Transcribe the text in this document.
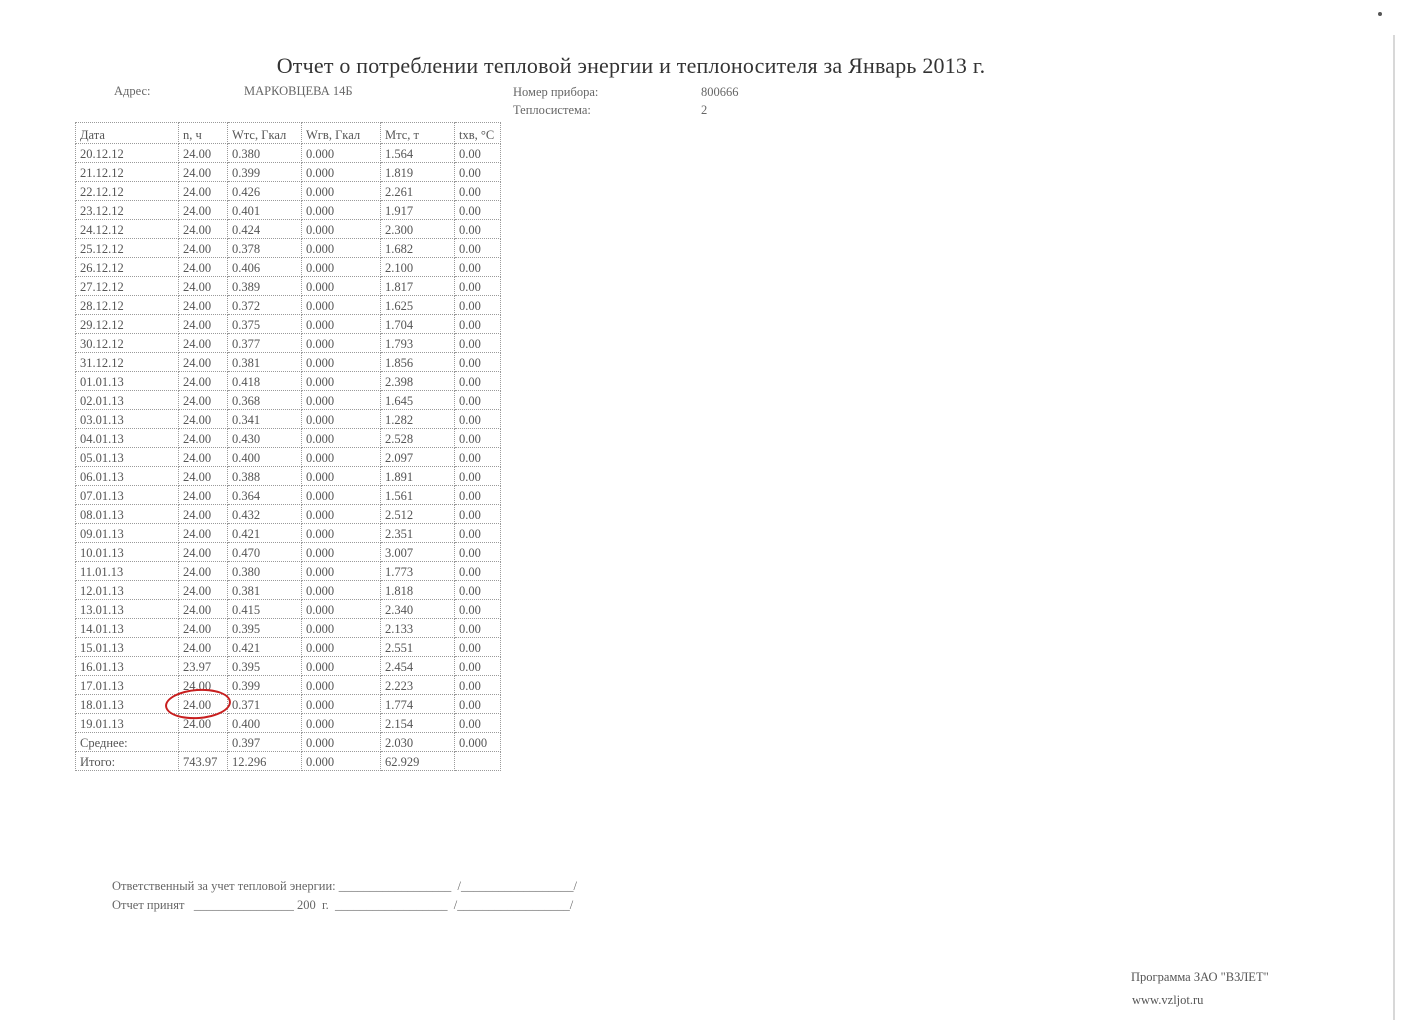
Отчет о потреблении тепловой энергии и теплоносителя за Январь 2013 г.
Адрес:	МАРКОВЦЕВА 14Б	Номер прибора:	800666
Теплосистема:	2
Дата	n, ч	Wтс, Гкал	Wгв, Гкал	Мтс, т	tхв, °C
20.12.12	24.00	0.380	0.000	1.564	0.00
21.12.12	24.00	0.399	0.000	1.819	0.00
22.12.12	24.00	0.426	0.000	2.261	0.00
23.12.12	24.00	0.401	0.000	1.917	0.00
24.12.12	24.00	0.424	0.000	2.300	0.00
25.12.12	24.00	0.378	0.000	1.682	0.00
26.12.12	24.00	0.406	0.000	2.100	0.00
27.12.12	24.00	0.389	0.000	1.817	0.00
28.12.12	24.00	0.372	0.000	1.625	0.00
29.12.12	24.00	0.375	0.000	1.704	0.00
30.12.12	24.00	0.377	0.000	1.793	0.00
31.12.12	24.00	0.381	0.000	1.856	0.00
01.01.13	24.00	0.418	0.000	2.398	0.00
02.01.13	24.00	0.368	0.000	1.645	0.00
03.01.13	24.00	0.341	0.000	1.282	0.00
04.01.13	24.00	0.430	0.000	2.528	0.00
05.01.13	24.00	0.400	0.000	2.097	0.00
06.01.13	24.00	0.388	0.000	1.891	0.00
07.01.13	24.00	0.364	0.000	1.561	0.00
08.01.13	24.00	0.432	0.000	2.512	0.00
09.01.13	24.00	0.421	0.000	2.351	0.00
10.01.13	24.00	0.470	0.000	3.007	0.00
11.01.13	24.00	0.380	0.000	1.773	0.00
12.01.13	24.00	0.381	0.000	1.818	0.00
13.01.13	24.00	0.415	0.000	2.340	0.00
14.01.13	24.00	0.395	0.000	2.133	0.00
15.01.13	24.00	0.421	0.000	2.551	0.00
16.01.13	23.97	0.395	0.000	2.454	0.00
17.01.13	24.00	0.399	0.000	2.223	0.00
18.01.13	24.00	0.371	0.000	1.774	0.00
19.01.13	24.00	0.400	0.000	2.154	0.00
Среднее:		0.397	0.000	2.030	0.000
Итого:	743.97	12.296	0.000	62.929	
Ответственный за учет тепловой энергии: __________________  /__________________/
Отчет принят   ________________ 200  г.  __________________  /__________________/
Программа ЗАО "ВЗЛЕТ"
www.vzljot.ru
